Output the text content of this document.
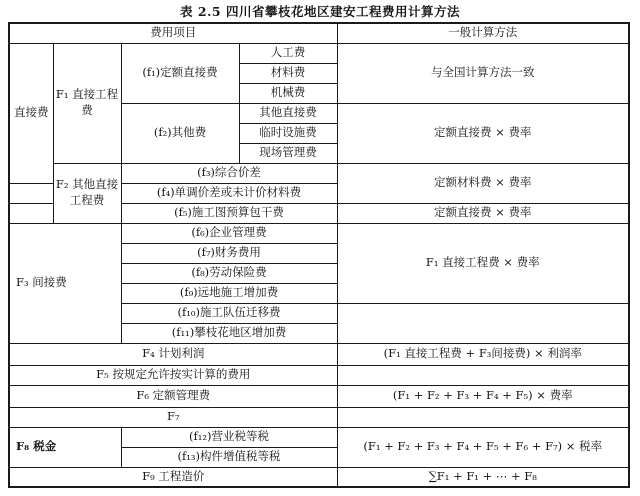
表 2.5 四川省攀枝花地区建安工程费用计算方法
费用项目				一般计算方法
直接费	F₁ 直接工程费	(f₁)定额直接费	人工费	与全国计算方法一致
			材料费	
			机械费	
		(f₂)其他费	其他直接费	定额直接费 × 费率
			临时设施费	
			现场管理费	
	F₂ 其他直接工程费	(f₃)综合价差		定额材料费 × 费率
		(f₄)单调价差或未计价材料费		
		(f₅)施工图预算包干费		定额直接费 × 费率
F₃ 间接费		(f₆)企业管理费		F₁ 直接工程费 × 费率
		(f₇)财务费用		
		(f₈)劳动保险费		
		(f₉)远地施工增加费		
		(f₁₀)施工队伍迁移费		
		(f₁₁)攀枝花地区增加费		
F₄ 计划利润				(F₁ 直接工程费 + F₃间接费) × 利润率
F₅ 按规定允许按实计算的费用				
F₆ 定额管理费				(F₁ + F₂ + F₃ + F₄ + F₅) × 费率
F₇				
F₈ 税金		(f₁₂)营业税等税		(F₁ + F₂ + F₃ + F₄ + F₅ + F₆ + F₇) × 税率
		(f₁₃)构件增值税等税		
F₉ 工程造价				∑F₁ + F₁ + ⋯ + F₈
